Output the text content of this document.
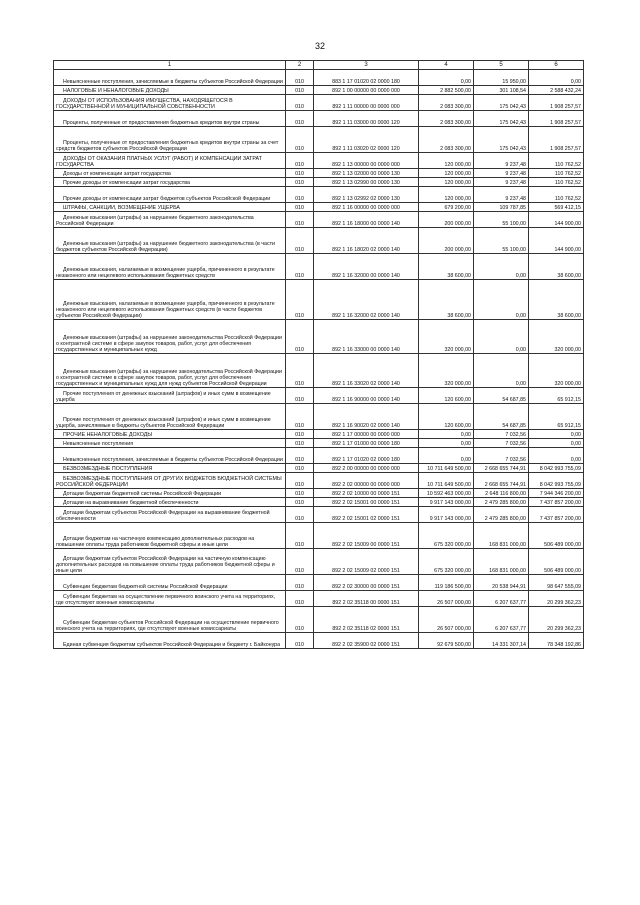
32
1	2	3	4	5	6

Невыясненные поступления, зачисляемые в бюджеты субъектов Российской Федерации	010	883 1 17 01020 02 0000 180	0,00	15 950,00	0,00

НАЛОГОВЫЕ И НЕНАЛОГОВЫЕ ДОХОДЫ	010	892 1 00 00000 00 0000 000	2 882 500,00	301 108,54	2 588 432,24

ДОХОДЫ ОТ ИСПОЛЬЗОВАНИЯ ИМУЩЕСТВА, НАХОДЯЩЕГОСЯ В ГОСУДАРСТВЕННОЙ И МУНИЦИПАЛЬНОЙ СОБСТВЕННОСТИ	010	892 1 11 00000 00 0000 000	2 083 300,00	175 042,43	1 908 257,57

Проценты, полученные от предоставления бюджетных кредитов внутри страны	010	892 1 11 03000 00 0000 120	2 083 300,00	175 042,43	1 908 257,57

Проценты, полученные от предоставления бюджетных кредитов внутри страны за счет средств бюджетов субъектов Российской Федерации	010	892 1 11 03020 02 0000 120	2 083 300,00	175 042,43	1 908 257,57

ДОХОДЫ ОТ ОКАЗАНИЯ ПЛАТНЫХ УСЛУГ (РАБОТ) И КОМПЕНСАЦИИ ЗАТРАТ ГОСУДАРСТВА	010	892 1 13 00000 00 0000 000	120 000,00	9 237,48	110 762,52

Доходы от компенсации затрат государства	010	892 1 13 02000 00 0000 130	120 000,00	9 237,48	110 762,52

Прочие доходы от компенсации затрат государства	010	892 1 13 02990 00 0000 130	120 000,00	9 237,48	110 762,52

Прочие доходы от компенсации затрат бюджетов субъектов Российской Федерации	010	892 1 13 02992 02 0000 130	120 000,00	9 237,48	110 762,52

ШТРАФЫ, САНКЦИИ, ВОЗМЕЩЕНИЕ УЩЕРБА	010	892 1 16 00000 00 0000 000	679 200,00	109 787,85	569 412,15

Денежные взыскания (штрафы) за нарушение бюджетного законодательства Российской Федерации	010	892 1 16 18000 00 0000 140	200 000,00	55 100,00	144 900,00

Денежные взыскания (штрафы) за нарушение бюджетного законодательства (в части бюджетов субъектов Российской Федерации)	010	892 1 16 18020 02 0000 140	200 000,00	55 100,00	144 900,00

Денежные взыскания, налагаемые в возмещение ущерба, причиненного в результате незаконного или нецелевого использования бюджетных средств	010	892 1 16 32000 00 0000 140	38 600,00	0,00	38 600,00

Денежные взыскания, налагаемые в возмещение ущерба, причиненного в результате незаконного или нецелевого использования бюджетных средств (в части бюджетов субъектов Российской Федерации)	010	892 1 16 32000 02 0000 140	38 600,00	0,00	38 600,00

Денежные взыскания (штрафы) за нарушение законодательства Российской Федерации о контрактной системе в сфере закупок товаров, работ, услуг для обеспечения государственных и муниципальных нужд	010	892 1 16 33000 00 0000 140	320 000,00	0,00	320 000,00

Денежные взыскания (штрафы) за нарушение законодательства Российской Федерации о контрактной системе в сфере закупок товаров, работ, услуг для обеспечения государственных и муниципальных нужд для нужд субъектов Российской Федерации	010	892 1 16 33020 02 0000 140	320 000,00	0,00	320 000,00

Прочие поступления от денежных взысканий (штрафов) и иных сумм в возмещение ущерба	010	892 1 16 90000 00 0000 140	120 600,00	54 687,85	65 912,15

Прочие поступления от денежных взысканий (штрафов) и иных сумм в возмещение ущерба, зачисляемые в бюджеты субъектов Российской Федерации	010	892 1 16 90020 02 0000 140	120 600,00	54 687,85	65 912,15

ПРОЧИЕ НЕНАЛОГОВЫЕ ДОХОДЫ	010	892 1 17 00000 00 0000 000	0,00	7 032,56	0,00

Невыясненные поступления	010	892 1 17 01000 00 0000 180	0,00	7 032,56	0,00

Невыясненные поступления, зачисляемые в бюджеты субъектов Российской Федерации	010	892 1 17 01020 02 0000 180	0,00	7 032,56	0,00

БЕЗВОЗМЕЗДНЫЕ ПОСТУПЛЕНИЯ	010	892 2 00 00000 00 0000 000	10 711 649 500,00	2 668 655 744,91	8 042 993 755,09

БЕЗВОЗМЕЗДНЫЕ ПОСТУПЛЕНИЯ ОТ ДРУГИХ БЮДЖЕТОВ БЮДЖЕТНОЙ СИСТЕМЫ РОССИЙСКОЙ ФЕДЕРАЦИИ	010	892 2 02 00000 00 0000 000	10 711 649 500,00	2 668 655 744,91	8 042 993 755,09

Дотации бюджетам бюджетной системы Российской Федерации	010	892 2 02 10000 00 0000 151	10 592 463 000,00	2 648 116 800,00	7 944 346 200,00

Дотации на выравнивание бюджетной обеспеченности	010	892 2 02 15001 00 0000 151	9 917 143 000,00	2 479 285 800,00	7 437 857 200,00

Дотации бюджетам субъектов Российской Федерации на выравнивание бюджетной обеспеченности	010	892 2 02 15001 02 0000 151	9 917 143 000,00	2 479 285 800,00	7 437 857 200,00

Дотации бюджетам на частичную компенсацию дополнительных расходов на повышение оплаты труда работников бюджетной сферы и иные цели	010	892 2 02 15009 00 0000 151	675 320 000,00	168 831 000,00	506 489 000,00

Дотации бюджетам субъектов Российской Федерации на частичную компенсацию дополнительных расходов на повышение оплаты труда работников бюджетной сферы и иные цели	010	892 2 02 15009 02 0000 151	675 320 000,00	168 831 000,00	506 489 000,00

Субвенции бюджетам бюджетной системы Российской Федерации	010	892 2 02 30000 00 0000 151	119 186 500,00	20 538 944,91	98 647 555,09

Субвенции бюджетам на осуществление первичного воинского учета на территориях, где отсутствуют военные комиссариаты	010	892 2 02 35118 00 0000 151	26 507 000,00	6 207 637,77	20 299 362,23

Субвенции бюджетам субъектов Российской Федерации на осуществление первичного воинского учета на территориях, где отсутствуют военные комиссариаты	010	892 2 02 35118 02 0000 151	26 507 000,00	6 207 637,77	20 299 362,23

Единая субвенция бюджетам субъектов Российской Федерации и бюджету г. Байконура	010	892 2 02 35900 02 0000 151	92 679 500,00	14 331 307,14	78 348 192,86
